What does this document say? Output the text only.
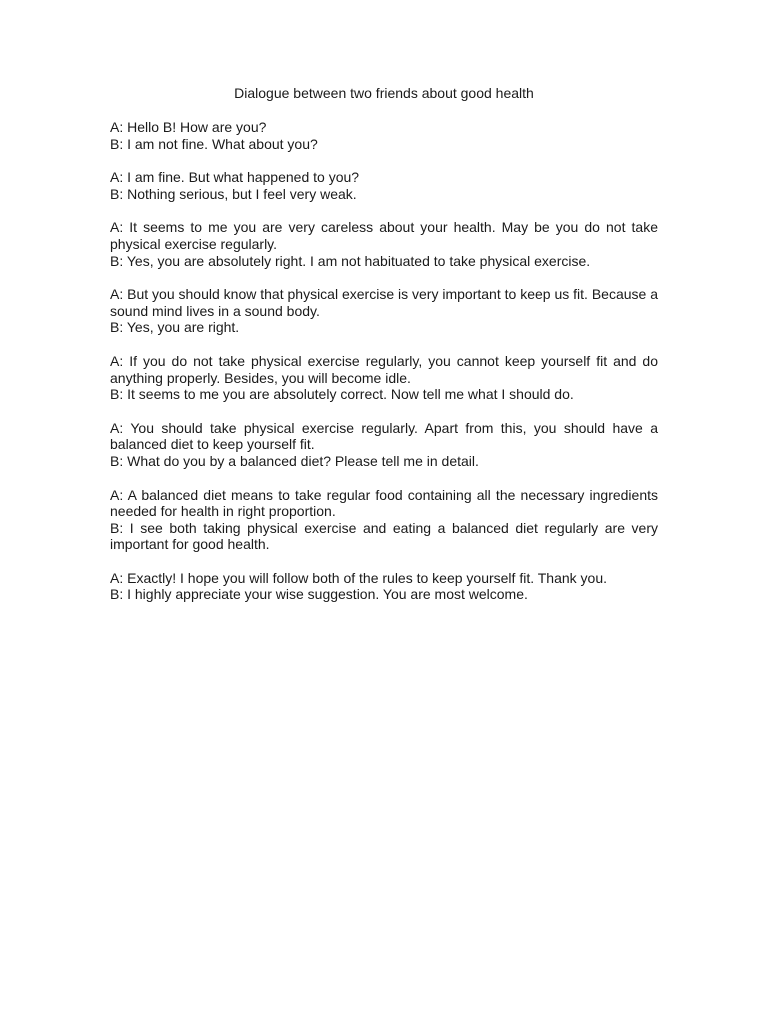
Dialogue between two friends about good health

A: Hello B! How are you?

B: I am not fine. What about you?

A: I am fine. But what happened to you?

B: Nothing serious, but I feel very weak.

A: It seems to me you are very careless about your health. May be you do not take physical exercise regularly.

B: Yes, you are absolutely right. I am not habituated to take physical exercise.

A: But you should know that physical exercise is very important to keep us fit. Because a sound mind lives in a sound body.

B: Yes, you are right.

A: If you do not take physical exercise regularly, you cannot keep yourself fit and do anything properly. Besides, you will become idle.

B: It seems to me you are absolutely correct. Now tell me what I should do.

A: You should take physical exercise regularly. Apart from this, you should have a balanced diet to keep yourself fit.

B: What do you by a balanced diet? Please tell me in detail.

A: A balanced diet means to take regular food containing all the necessary ingredients needed for health in right proportion.

B: I see both taking physical exercise and eating a balanced diet regularly are very important for good health.

A: Exactly! I hope you will follow both of the rules to keep yourself fit. Thank you.

B: I highly appreciate your wise suggestion. You are most welcome.
